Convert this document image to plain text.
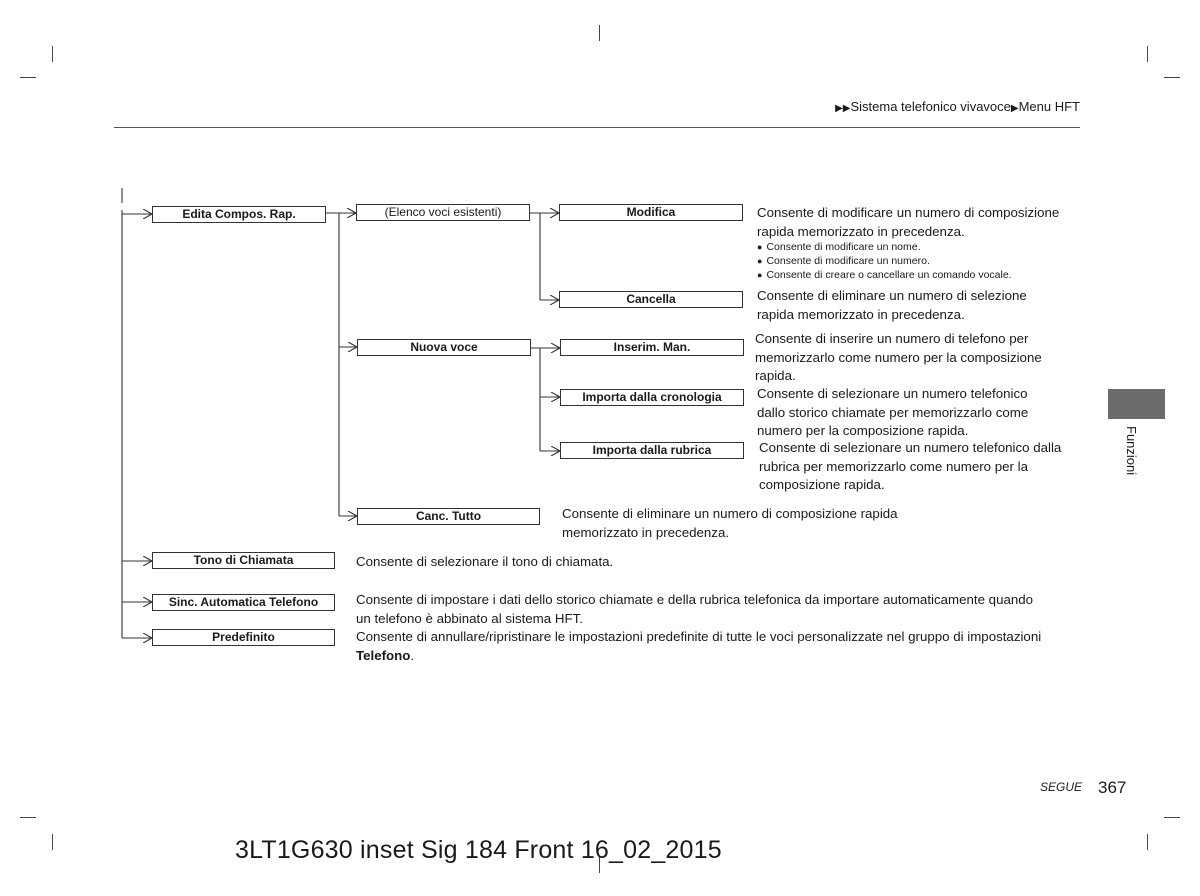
▶▶Sistema telefonico vivavoce▶Menu HFT
Edita Compos. Rap.
Tono di Chiamata
Sinc. Automatica Telefono
Predefinito
(Elenco voci esistenti)
Nuova voce
Canc. Tutto
Modifica
Cancella
Inserim. Man.
Importa dalla cronologia
Importa dalla rubrica
Consente di modificare un numero di composizione rapida memorizzato in precedenza.
● Consente di modificare un nome.
● Consente di modificare un numero.
● Consente di creare o cancellare un comando vocale.
Consente di eliminare un numero di selezione rapida memorizzato in precedenza.
Consente di inserire un numero di telefono per memorizzarlo come numero per la composizione rapida.
Consente di selezionare un numero telefonico dallo storico chiamate per memorizzarlo come numero per la composizione rapida.
Consente di selezionare un numero telefonico dalla rubrica per memorizzarlo come numero per la composizione rapida.
Consente di eliminare un numero di composizione rapida memorizzato in precedenza.
Consente di selezionare il tono di chiamata.
Consente di impostare i dati dello storico chiamate e della rubrica telefonica da importare automaticamente quando un telefono è abbinato al sistema HFT.
Consente di annullare/ripristinare le impostazioni predefinite di tutte le voci personalizzate nel gruppo di impostazioni Telefono.
Funzioni
SEGUE 367
3LT1G630 inset Sig 184 Front 16_02_2015
